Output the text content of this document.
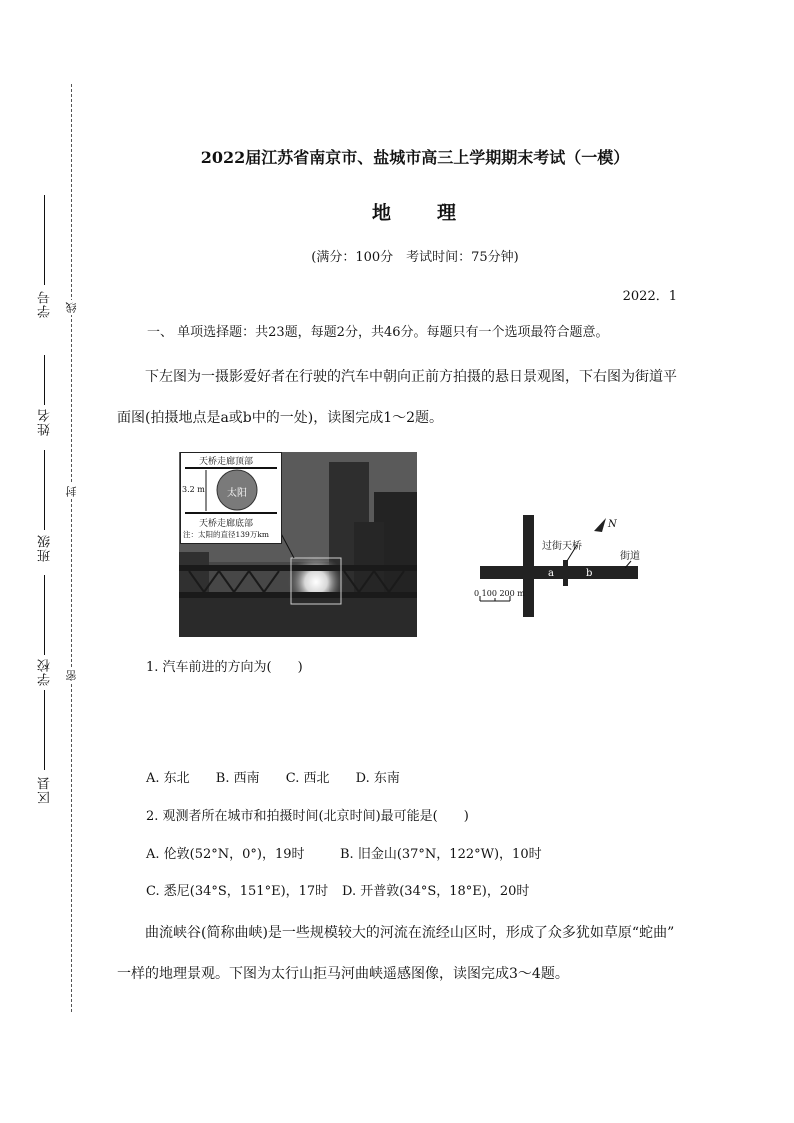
线
封
密
学号
姓名
班级
学校
区县
2022届江苏省南京市、盐城市高三上学期期末考试（一模）
地 理
(满分：100分　考试时间：75分钟)
2022．1
一、 单项选择题：共23题，每题2分，共46分。每题只有一个选项最符合题意。
下左图为一摄影爱好者在行驶的汽车中朝向正前方拍摄的悬日景观图，下右图为街道平
面图(拍摄地点是a或b中的一处)，读图完成1～2题。
天桥走廊顶部
3.2 m 太阳
天桥走廊底部
注：太阳的直径139万km
a	b
过街天桥
街道
N
0 100 200 m
1. 汽车前进的方向为(　　)
A. 东北 B. 西南 C. 西北 D. 东南
2. 观测者所在城市和拍摄时间(北京时间)最可能是(　　)
A. 伦敦(52°N，0°)，19时	B. 旧金山(37°N，122°W)，10时
C. 悉尼(34°S，151°E)，17时 D. 开普敦(34°S，18°E)，20时
曲流峡谷(简称曲峡)是一些规模较大的河流在流经山区时，形成了众多犹如草原“蛇曲”
一样的地理景观。下图为太行山拒马河曲峡遥感图像，读图完成3～4题。
